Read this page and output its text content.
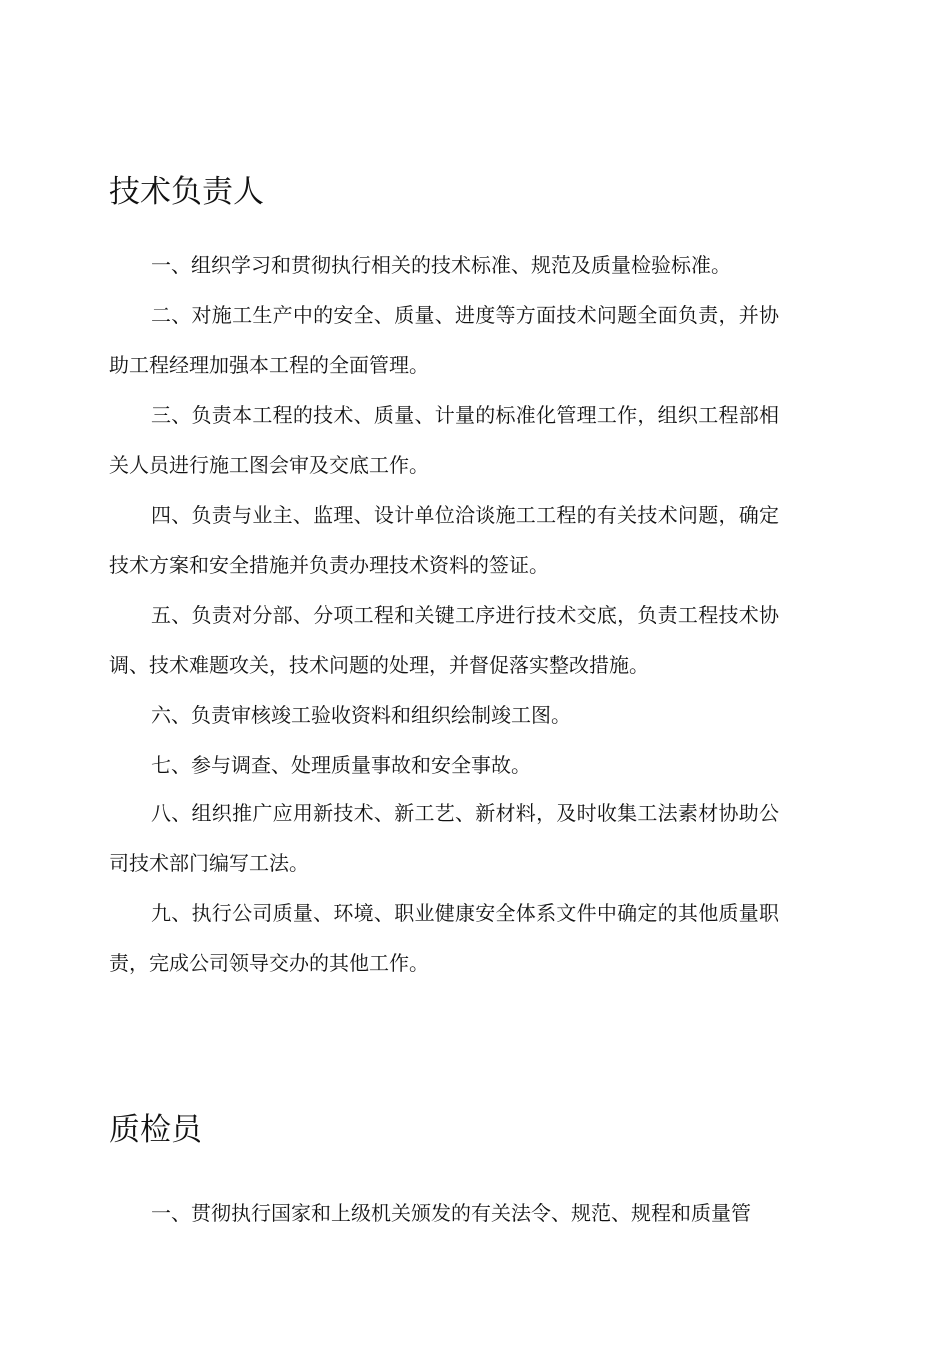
技术负责人

一、组织学习和贯彻执行相关的技术标准、规范及质量检验标准。

二、对施工生产中的安全、质量、进度等方面技术问题全面负责，并协助工程经理加强本工程的全面管理。

三、负责本工程的技术、质量、计量的标准化管理工作，组织工程部相关人员进行施工图会审及交底工作。

四、负责与业主、监理、设计单位洽谈施工工程的有关技术问题，确定技术方案和安全措施并负责办理技术资料的签证。

五、负责对分部、分项工程和关键工序进行技术交底，负责工程技术协调、技术难题攻关，技术问题的处理，并督促落实整改措施。

六、负责审核竣工验收资料和组织绘制竣工图。

七、参与调查、处理质量事故和安全事故。

八、组织推广应用新技术、新工艺、新材料，及时收集工法素材协助公司技术部门编写工法。

九、执行公司质量、环境、职业健康安全体系文件中确定的其他质量职责，完成公司领导交办的其他工作。

质检员

一、贯彻执行国家和上级机关颁发的有关法令、规范、规程和质量管
